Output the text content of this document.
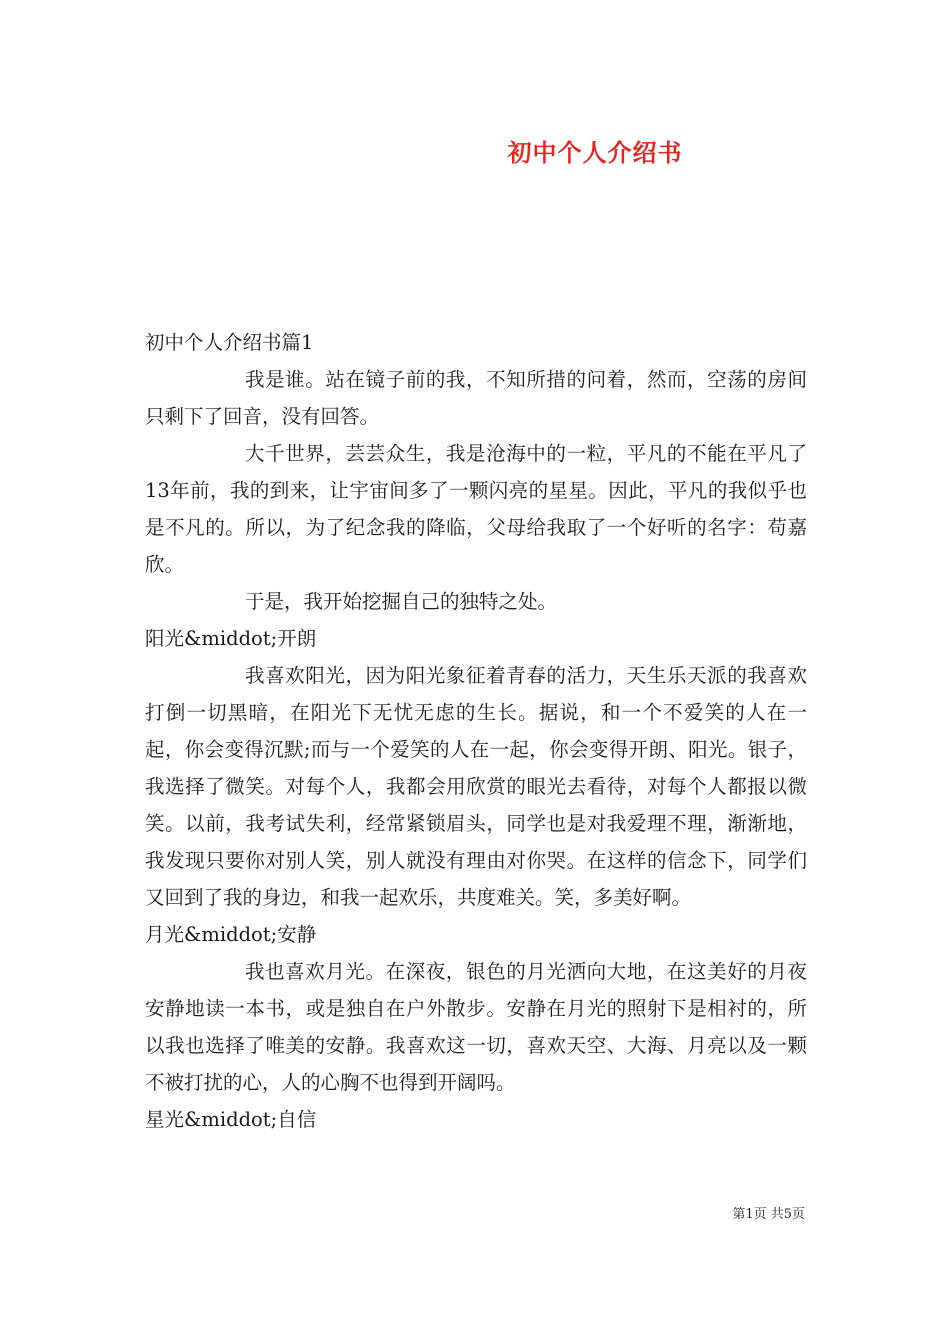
初中个人介绍书

初中个人介绍书篇1

我是谁。站在镜子前的我，不知所措的问着，然而，空荡的房间只剩下了回音，没有回答。

大千世界，芸芸众生，我是沧海中的一粒，平凡的不能在平凡了13年前，我的到来，让宇宙间多了一颗闪亮的星星。因此，平凡的我似乎也是不凡的。所以，为了纪念我的降临，父母给我取了一个好听的名字：苟嘉欣。

于是，我开始挖掘自己的独特之处。

阳光&middot;开朗

我喜欢阳光，因为阳光象征着青春的活力，天生乐天派的我喜欢打倒一切黑暗，在阳光下无忧无虑的生长。据说，和一个不爱笑的人在一起，你会变得沉默;而与一个爱笑的人在一起，你会变得开朗、阳光。银子，我选择了微笑。对每个人，我都会用欣赏的眼光去看待，对每个人都报以微笑。以前，我考试失利，经常紧锁眉头，同学也是对我爱理不理，渐渐地，我发现只要你对别人笑，别人就没有理由对你哭。在这样的信念下，同学们又回到了我的身边，和我一起欢乐，共度难关。笑，多美好啊。

月光&middot;安静

我也喜欢月光。在深夜，银色的月光洒向大地，在这美好的月夜安静地读一本书，或是独自在户外散步。安静在月光的照射下是相衬的，所以我也选择了唯美的安静。我喜欢这一切，喜欢天空、大海、月亮以及一颗不被打扰的心，人的心胸不也得到开阔吗。

星光&middot;自信

第1页 共5页
